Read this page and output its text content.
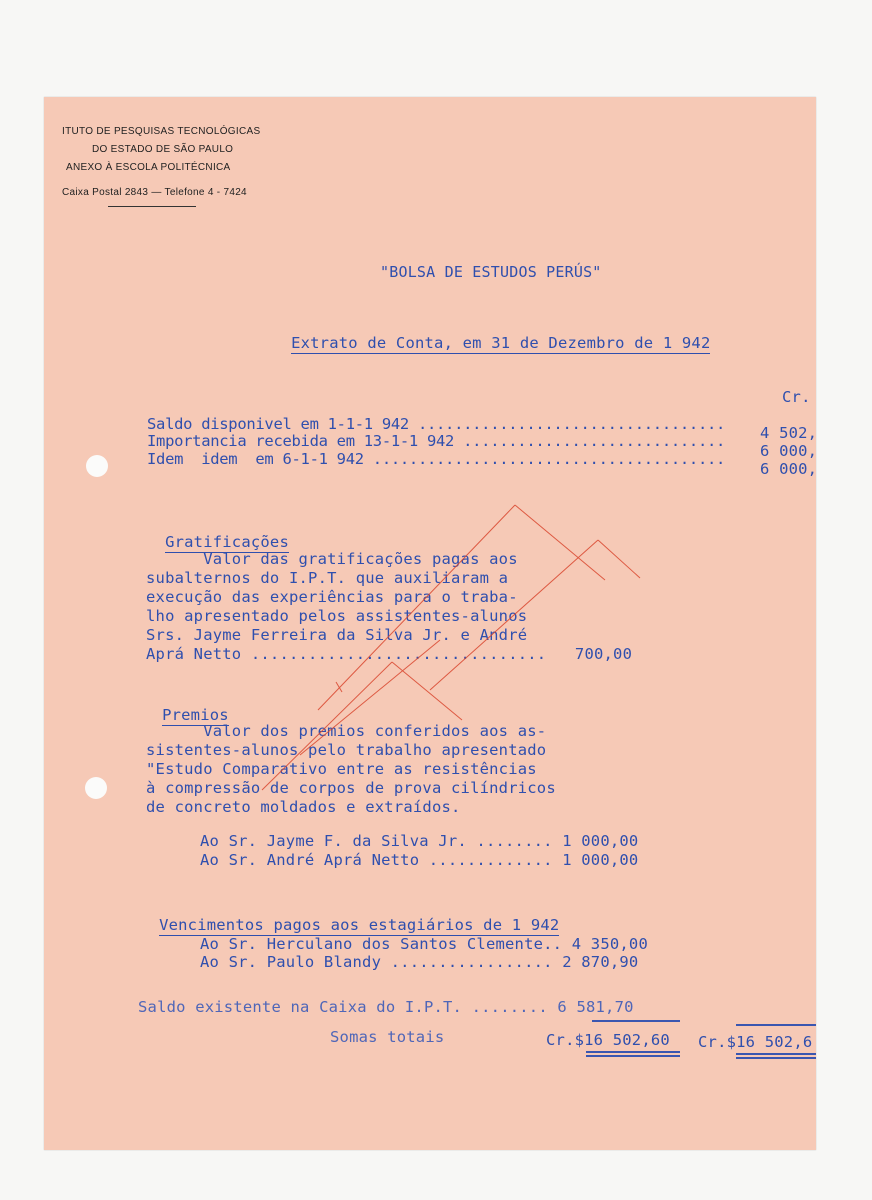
ITUTO DE PESQUISAS TECNOLÓGICAS
DO ESTADO DE SÃO PAULO
ANEXO À ESCOLA POLITÉCNICA
Caixa Postal 2843 — Telefone 4 - 7424
"BOLSA DE ESTUDOS PERÚS"

Extrato de Conta, em 31 de Dezembro de 1 942

Cr.
Saldo disponivel em 1-1-1 942 .................................. 4 502,
Importancia recebida em 13-1-1 942 .............................
6 000,
Idem  idem  em 6-1-1 942 .......................................
6 000,

Gratificações

Valor das gratificações pagas aos
subalternos do I.P.T. que auxiliaram a
execução das experiências para o traba-
lho apresentado pelos assistentes-alunos
Srs. Jayme Ferreira da Silva Jr. e André
Aprá Netto ...............................   700,00

Premios

Valor dos premios conferidos aos as-
sistentes-alunos pelo trabalho apresentado
"Estudo Comparativo entre as resistências
à compressão de corpos de prova cilíndricos
de concreto moldados e extraídos.
Ao Sr. Jayme F. da Silva Jr. ........ 1 000,00
Ao Sr. André Aprá Netto ............. 1 000,00

Vencimentos pagos aos estagiários de 1 942

Ao Sr. Herculano dos Santos Clemente.. 4 350,00
Ao Sr. Paulo Blandy ................. 2 870,90
Saldo existente na Caixa do I.P.T. ........ 6 581,70
Somas totais	Cr.$16 502,60 Cr.$16 502,6
